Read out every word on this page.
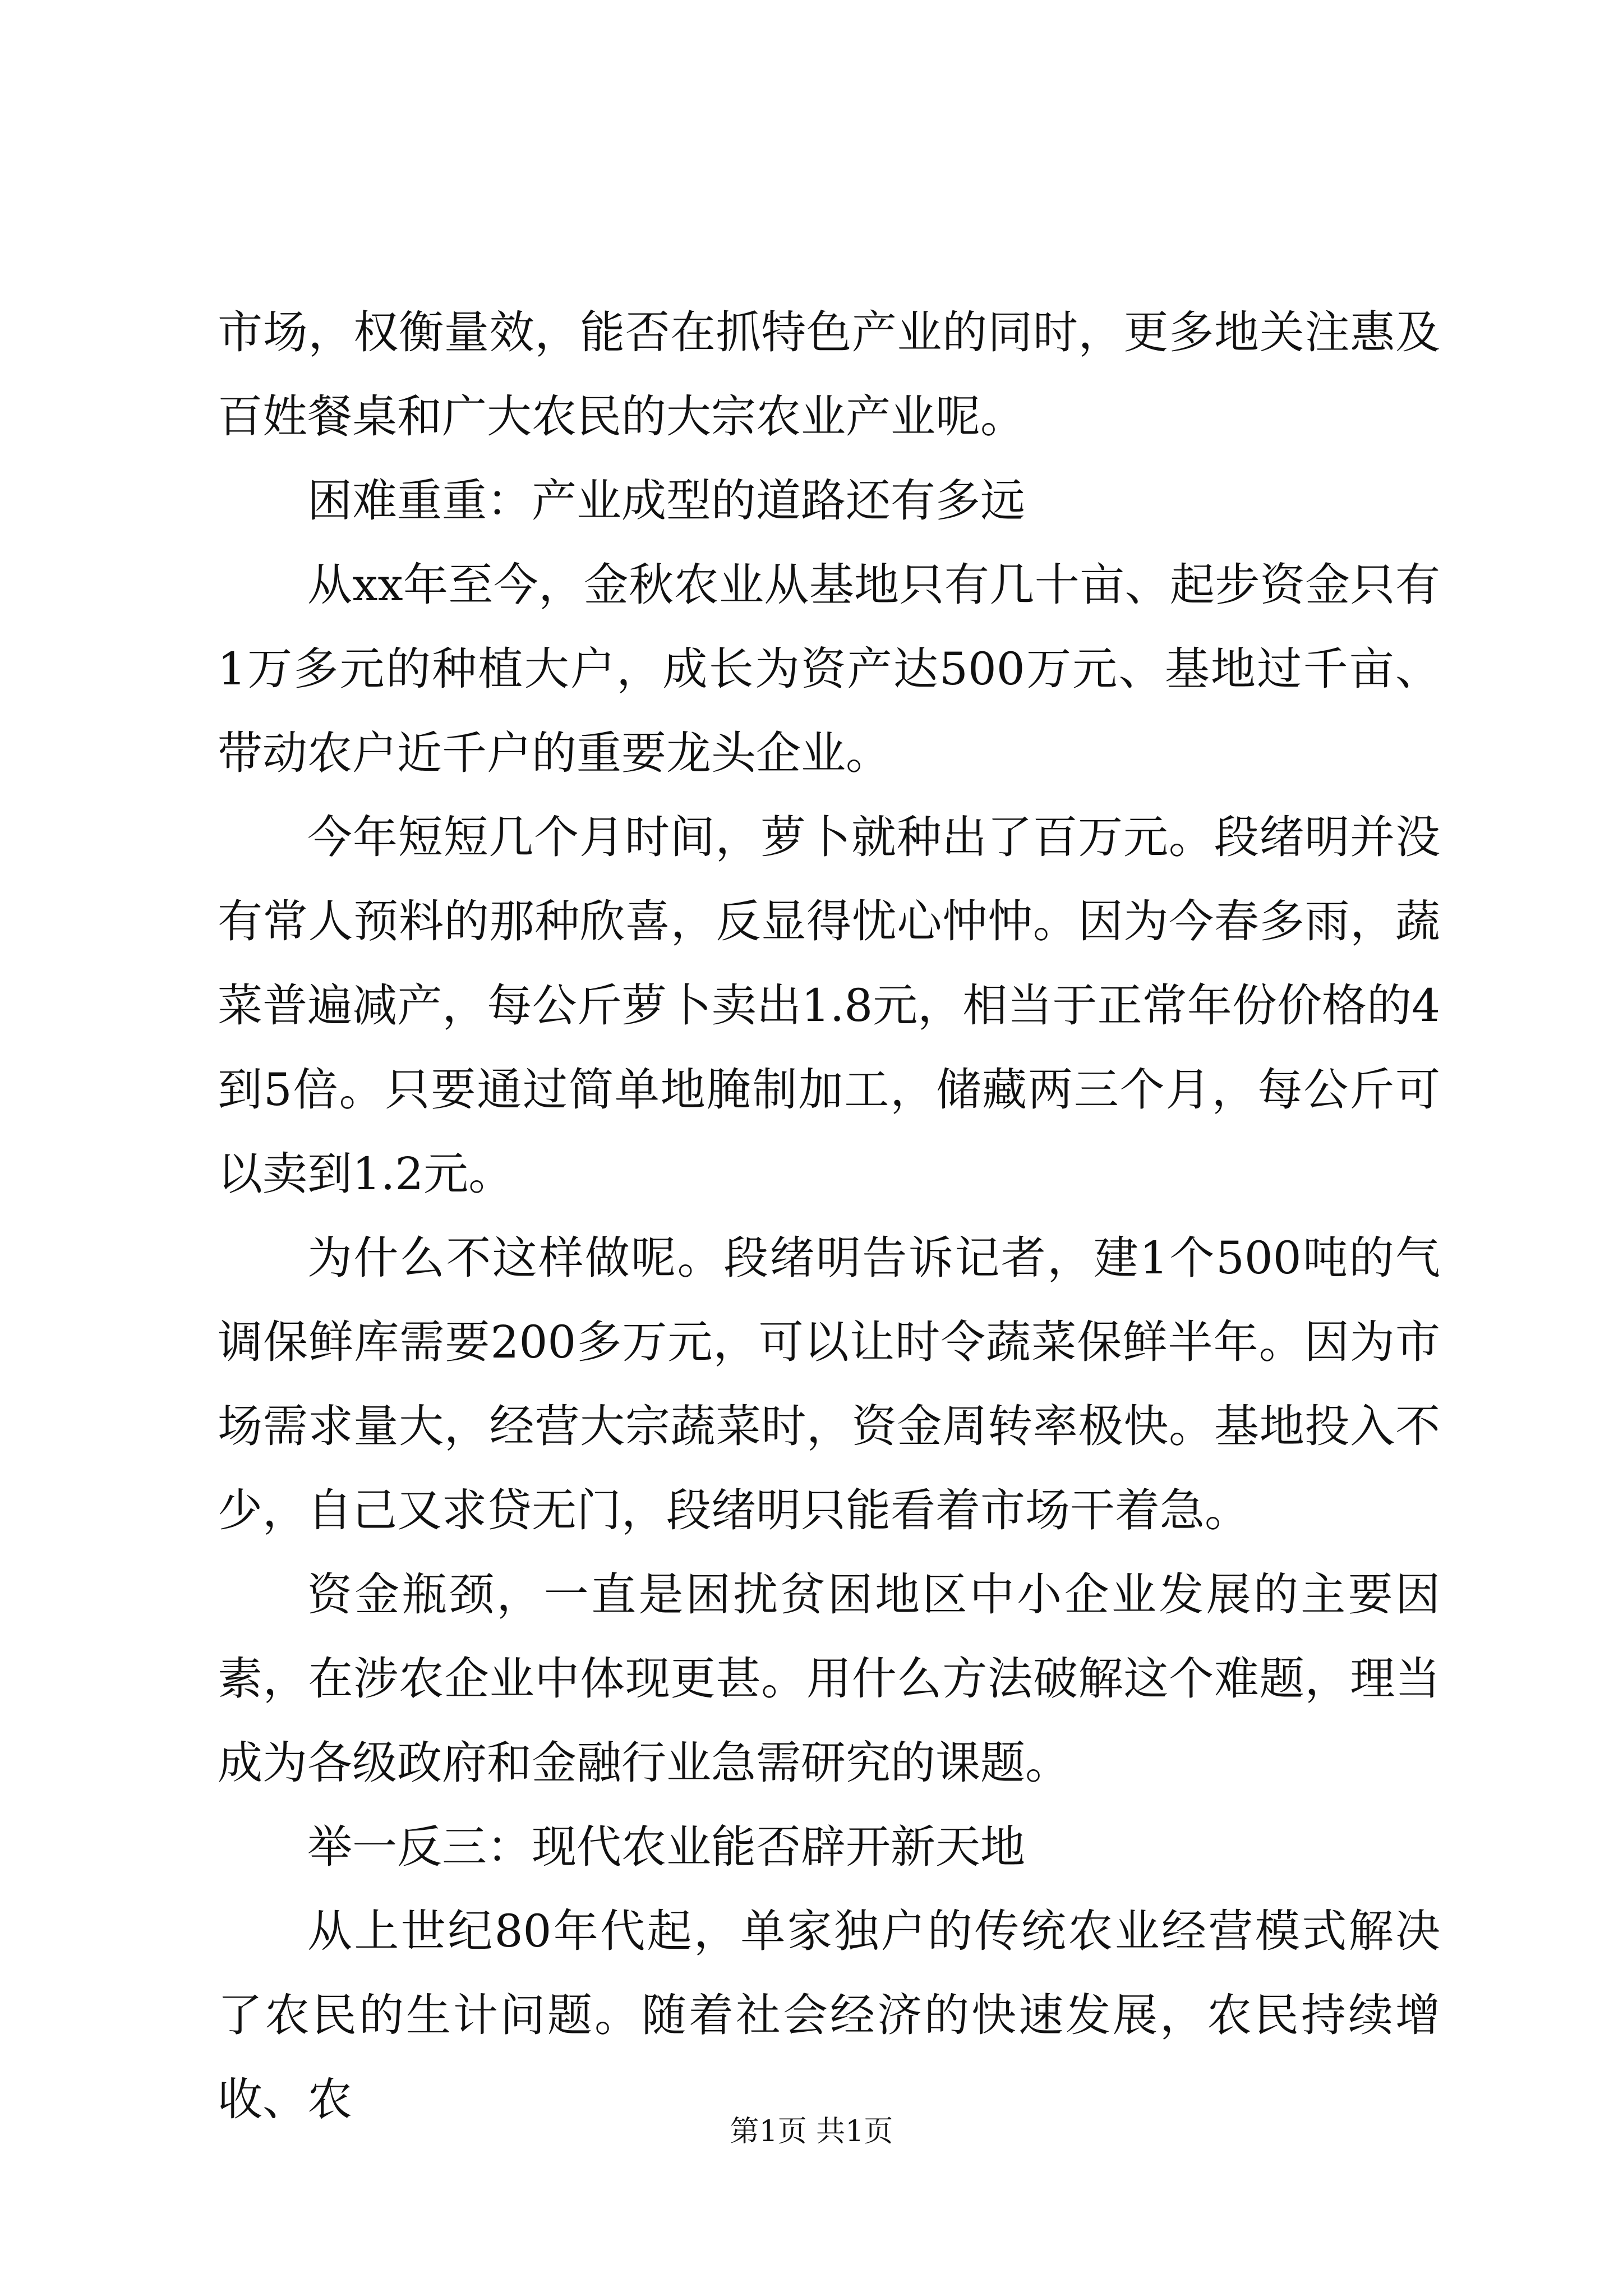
市场，权衡量效，能否在抓特色产业的同时，更多地关注惠及百姓餐桌和广大农民的大宗农业产业呢。

困难重重：产业成型的道路还有多远

从xx年至今，金秋农业从基地只有几十亩、起步资金只有1万多元的种植大户，成长为资产达500万元、基地过千亩、带动农户近千户的重要龙头企业。

今年短短几个月时间，萝卜就种出了百万元。段绪明并没有常人预料的那种欣喜，反显得忧心忡忡。因为今春多雨，蔬菜普遍减产，每公斤萝卜卖出1.8元，相当于正常年份价格的4到5倍。只要通过简单地腌制加工，储藏两三个月，每公斤可以卖到1.2元。

为什么不这样做呢。段绪明告诉记者，建1个500吨的气调保鲜库需要200多万元，可以让时令蔬菜保鲜半年。因为市场需求量大，经营大宗蔬菜时，资金周转率极快。基地投入不少，自己又求贷无门，段绪明只能看着市场干着急。

资金瓶颈，一直是困扰贫困地区中小企业发展的主要因素，在涉农企业中体现更甚。用什么方法破解这个难题，理当成为各级政府和金融行业急需研究的课题。

举一反三：现代农业能否辟开新天地

从上世纪80年代起，单家独户的传统农业经营模式解决了农民的生计问题。随着社会经济的快速发展，农民持续增收、农

第1页 共1页
